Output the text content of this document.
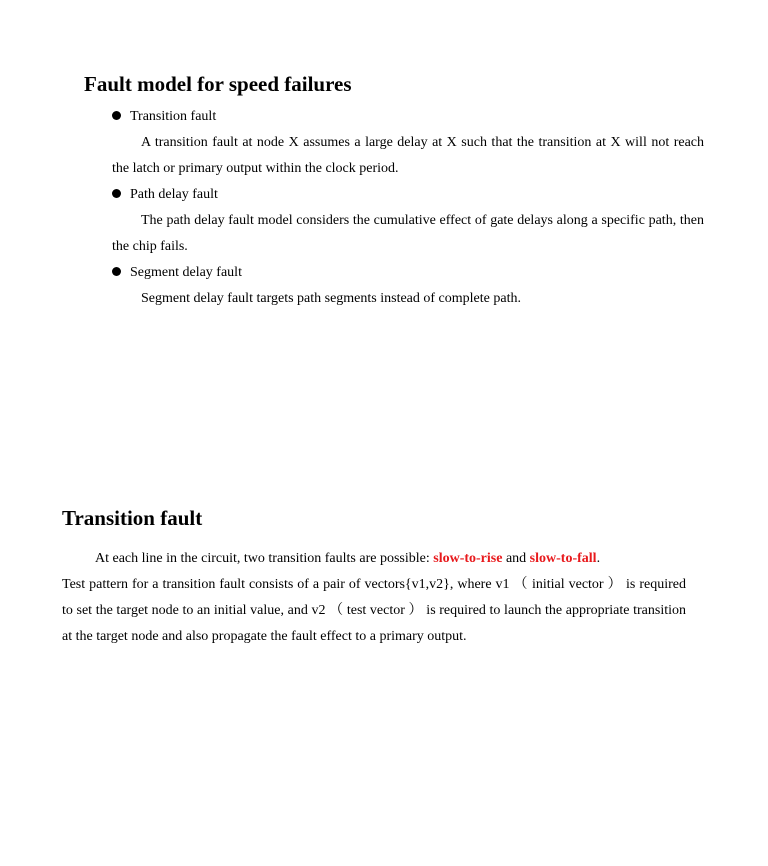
Fault model for speed failures
Transition fault
A transition fault at node X assumes a large delay at X such that the transition at X will not reach the latch or primary output within the clock period.
Path delay fault
The path delay fault model considers the cumulative effect of gate delays along a specific path, then the chip fails.
Segment delay fault
Segment delay fault targets path segments instead of complete path.
Transition fault

At each line in the circuit, two transition faults are possible: slow-to-rise and slow-to-fall.

Test pattern for a transition fault consists of a pair of vectors{v1,v2}, where v1 （ initial vector ） is required to set the target node to an initial value, and v2 （ test vector ） is required to launch the appropriate transition at the target node and also propagate the fault effect to a primary output.
